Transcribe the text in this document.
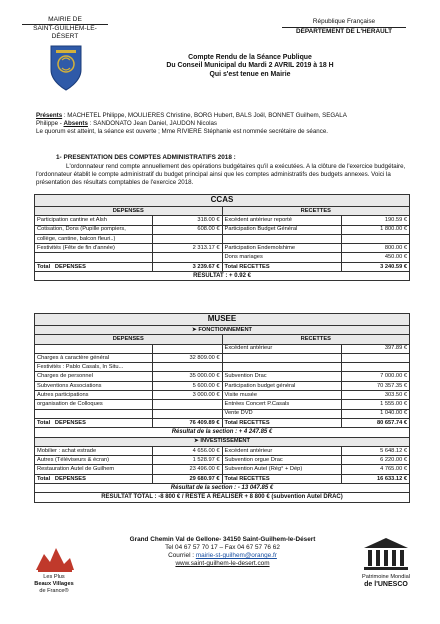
MAIRIE DE
SAINT-GUILHEM-LE-DÉSERT
République Française
DÉPARTEMENT DE L'HERAULT
Compte Rendu de la Séance Publique
Du Conseil Municipal du Mardi 2 AVRIL 2019 à 18 H
Qui s'est tenue en Mairie
Présents : MACHETEL Philippe, MOULIERES Christine, BORG Hubert, BALS Joël, BONNET Guilhem, SEGALA
Philippe - Absents : SANDONATO Jean Daniel, JAUDON Nicolas
Le quorum est atteint, la séance est ouverte ; Mme RIVIERE Stéphanie est nommée secrétaire de séance.
1- PRESENTATION DES COMPTES ADMINISTRATIFS 2018 :
L'ordonnateur rend compte annuellement des opérations budgétaires qu'il a exécutées. A la clôture de l'exercice budgétaire, l'ordonnateur établit le compte administratif du budget principal ainsi que les comptes administratifs des budgets annexes. Voici la présentation des résultats comptables de l'exercice 2018.
CCAS			
DEPENSES		RECETTES	
Participation cantine et Alsh	318.00 €	Excédent antérieur reporté	190.59 €
Cotisation, Dons (Pupille pompiers,	608.00 €	Participation Budget Général	1 800.00 €
collège, cantine, balcon fleuri..)			
Festivités (Fête de fin d'année)	2 313.17 €	Participation Endemolshime	800.00 €
		Dons mariages	450.00 €
Total DEPENSES	3 239.67 €	Total RECETTES	3 240.59 €
RESULTAT : + 0.92 €			
MUSEE			
➤ FONCTIONNEMENT			
DEPENSES		RECETTES	
		Excédent antérieur	397.89 €
Charges à caractère général	32 809.00 €		
Festivités : Pablo Casals, In Situ...			
Charges de personnel	35 000.00 €	Subvention Drac	7 000.00 €
Subventions Associations	5 600.00 €	Participation budget général	70 357.35 €
Autres participations	3 000.00 €	Visite musée	303.50 €
organisation de Colloques		Entrées Concert P.Casals	1 555.00 €
		Vente DVD	1 040.00 €
Total DEPENSES	76 409.89 €	Total RECETTES	80 657.74 €
Résultat de la section : + 4 247.85 €			
➤ INVESTISSEMENT			
Mobilier : achat estrade	4 656.00 €	Excédent antérieur	5 648.12 €
Autres (Téléviseurs & écran)	1 528.97 €	Subvention orgue Drac	6 220.00 €
Restauration Autel de Guilhem	23 496.00 €	Subvention Autel (Rég° + Dép)	4 765.00 €
Total DEPENSES	29 680.97 €	Total RECETTES	16 633.12 €
Résultat de la section : - 13 047.85 €			
RESULTAT TOTAL : -8 800 € / RESTE A REALISER + 8 800 € (subvention Autel DRAC)			
Les Plus
Beaux Villages
de France®
Grand Chemin Val de Gellone- 34150 Saint-Guilhem-le-Désert
Tel 04 67 57 70 17 – Fax 04 67 57 76 62
Courriel : mairie-st-guilhem@orange.fr
www.saint-guilhem-le-desert.com
Patrimoine Mondial
de l'UNESCO
